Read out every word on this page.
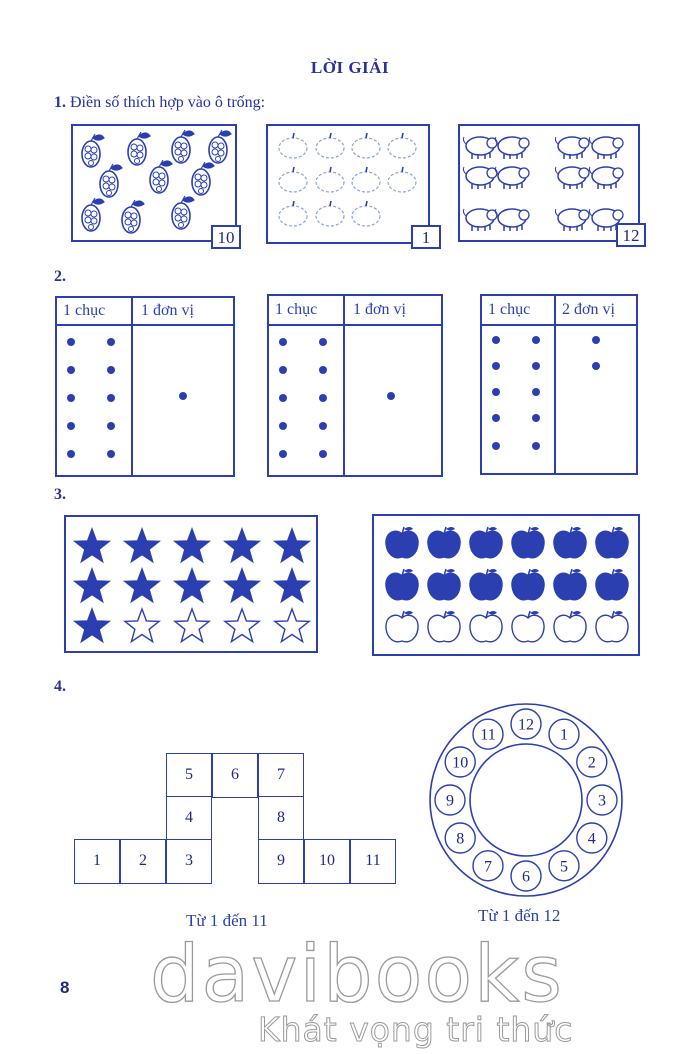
LỜI GIẢI
1. Điền số thích hợp vào ô trống:
10	1	12
2.
1 chục	1 đơn vị
		1 chục	1 đơn vị
		1 chục	2 đơn vị

3.
4.
5	6	7
4	8
1	2	3	9	10	11
Từ 1 đến 11
12
1
2
3
4
5
6
7
8
9
10
11
Từ 1 đến 12
8 davibooks
Khát vọng tri thức
